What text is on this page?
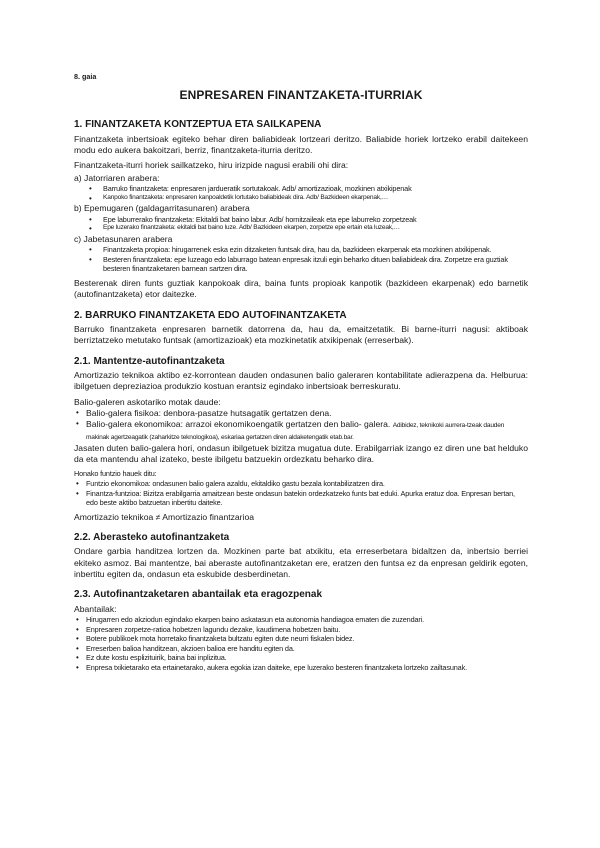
8. gaia
ENPRESAREN FINANTZAKETA-ITURRIAK
1. FINANTZAKETA KONTZEPTUA ETA SAILKAPENA

Finantzaketa inbertsioak egiteko behar diren baliabideak lortzeari deritzo. Baliabide horiek lortzeko erabil daitekeen modu edo aukera bakoitzari, berriz, finantzaketa-iturria deritzo.

Finantzaketa-iturri horiek sailkatzeko, hiru irizpide nagusi erabili ohi dira:

a) Jatorriaren arabera:
• Barruko finantzaketa: enpresaren jardueratik sortutakoak. Adb/ amortizazioak, mozkinen atxikipenak
• Kanpoko finantzaketa: enpresaren kanpoaldetik lortutako baliabideak dira. Adb/ Bazkideen ekarpenak,…
b) Epemugaren (galdagarritasunaren) arabera
• Epe laburrerako finantzaketa: Ekitaldi bat baino labur. Adb/ hornitzaileak eta epe laburreko zorpetzeak
• Epe luzerako finantzaketa: ekitaldi bat baino luze. Adb/ Bazkideen ekarpen, zorpetze epe ertain eta luzeak,…
c) Jabetasunaren arabera
• Finantzaketa propioa: hirugarrenek eska ezin ditzaketen funtsak dira, hau da, bazkideen ekarpenak eta mozkinen atxikipenak.
• Besteren finantzaketa: epe luzeago edo laburrago batean enpresak itzuli egin beharko dituen baliabideak dira. Zorpetze era guztiak besteren finantzaketaren barnean sartzen dira.

Besterenak diren funts guztiak kanpokoak dira, baina funts propioak kanpotik (bazkideen ekarpenak) edo barnetik (autofinantzaketa) etor daitezke.

2. BARRUKO FINANTZAKETA EDO AUTOFINANTZAKETA

Barruko finantzaketa enpresaren barnetik datorrena da, hau da, emaitzetatik. Bi barne-iturri nagusi: aktiboak berriztatzeko metutako funtsak (amortizazioak) eta mozkinetatik atxikipenak (erreserbak).

2.1. Mantentze-autofinantzaketa

Amortizazio teknikoa aktibo ez-korrontean dauden ondasunen balio galeraren kontabilitate adierazpena da. Helburua: ibilgetuen depreziazioa produkzio kostuan erantsiz egindako inbertsioak berreskuratu.

Balio-galeren askotariko motak daude:
• Balio-galera fisikoa: denbora-pasatze hutsagatik gertatzen dena.
• Balio-galera ekonomikoa: arrazoi ekonomikoengatik gertatzen den balio- galera. Adibidez, teknikoki aurrera-tzeak dauden makinak agertzeagatik (zaharkitze teknologikoa), eskariaa gertatzen diren aldaketengatik etab.bar.

Jasaten duten balio-galera hori, ondasun ibilgetuek bizitza mugatua dute. Erabilgarriak izango ez diren une bat helduko da eta mantendu ahal izateko, beste ibilgetu batzuekin ordezkatu beharko dira.

Honako funtzio hauek ditu:
• Funtzio ekonomikoa: ondasunen balio galera azaldu, ekitaldiko gastu bezala kontabilizatzen dira.
• Finantza-funtzioa: Bizitza erabilgarria amaitzean beste ondasun batekin ordezkatzeko funts bat eduki. Apurka eratuz doa. Enpresan bertan, edo beste aktibo batzuetan inbertitu daiteke.
Amortizazio teknikoa ≠ Amortizazio finantzarioa
2.2. Aberasteko autofinantzaketa

Ondare garbia handitzea lortzen da. Mozkinen parte bat atxikitu, eta erreserbetara bidaltzen da, inbertsio berriei ekiteko asmoz. Bai mantentze, bai aberaste autofinantzaketan ere, eratzen den funtsa ez da enpresan geldirik egoten, inbertitu egiten da, ondasun eta eskubide desberdinetan.

2.3. Autofinantzaketaren abantailak eta eragozpenak
Abantailak:
• Hirugarren edo akziodun egindako ekarpen baino askatasun eta autonomia handiagoa ematen die zuzendari.
• Enpresaren zorpetze-ratioa hobetzen lagundu dezake, kaudimena hobetzen baitu.
• Botere publikoek mota horretako finantzaketa bultzatu egiten dute neurri fiskalen bidez.
• Erreserben balioa handitzean, akzioen balioa ere handitu egiten da.
• Ez dute kostu esplizituirik, baina bai inplizitua.
• Enpresa txikietarako eta ertainetarako, aukera egokia izan daiteke, epe luzerako besteren finantzaketa lortzeko zailtasunak.
